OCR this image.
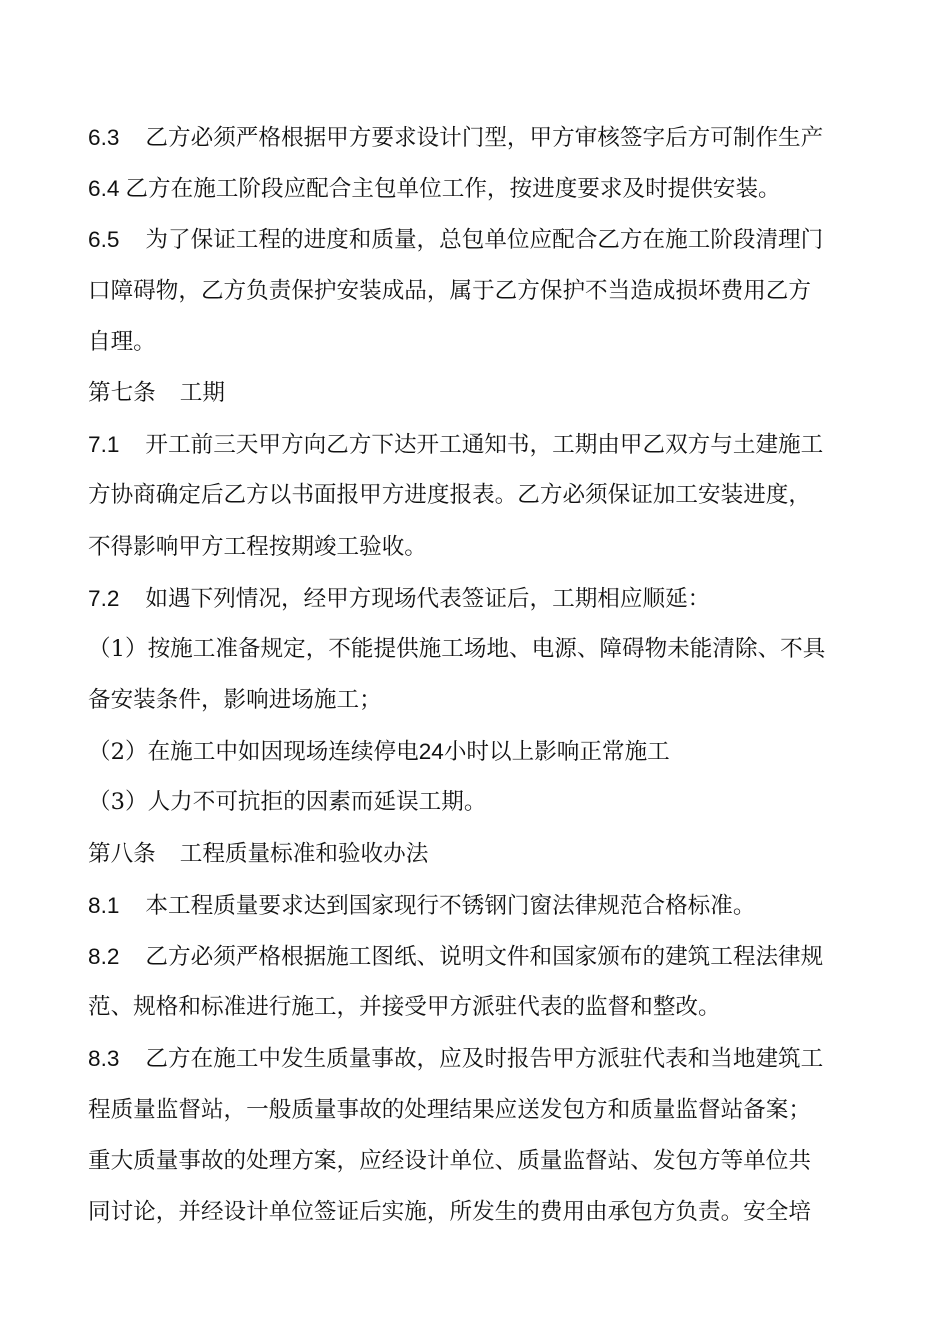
6.3 乙方必须严格根据甲方要求设计门型，甲方审核签字后方可制作生产
6.4 乙方在施工阶段应配合主包单位工作，按进度要求及时提供安装。
6.5 为了保证工程的进度和质量，总包单位应配合乙方在施工阶段清理门
口障碍物，乙方负责保护安装成品，属于乙方保护不当造成损坏费用乙方
自理。
第七条 工期
7.1 开工前三天甲方向乙方下达开工通知书，工期由甲乙双方与土建施工
方协商确定后乙方以书面报甲方进度报表。乙方必须保证加工安装进度，
不得影响甲方工程按期竣工验收。
7.2 如遇下列情况，经甲方现场代表签证后，工期相应顺延：
（1）按施工准备规定，不能提供施工场地、电源、障碍物未能清除、不具
备安装条件，影响进场施工；
（2）在施工中如因现场连续停电24小时以上影响正常施工
（3）人力不可抗拒的因素而延误工期。
第八条 工程质量标准和验收办法
8.1 本工程质量要求达到国家现行不锈钢门窗法律规范合格标准。
8.2 乙方必须严格根据施工图纸、说明文件和国家颁布的建筑工程法律规
范、规格和标准进行施工，并接受甲方派驻代表的监督和整改。
8.3 乙方在施工中发生质量事故，应及时报告甲方派驻代表和当地建筑工
程质量监督站，一般质量事故的处理结果应送发包方和质量监督站备案；
重大质量事故的处理方案，应经设计单位、质量监督站、发包方等单位共
同讨论，并经设计单位签证后实施，所发生的费用由承包方负责。安全培
